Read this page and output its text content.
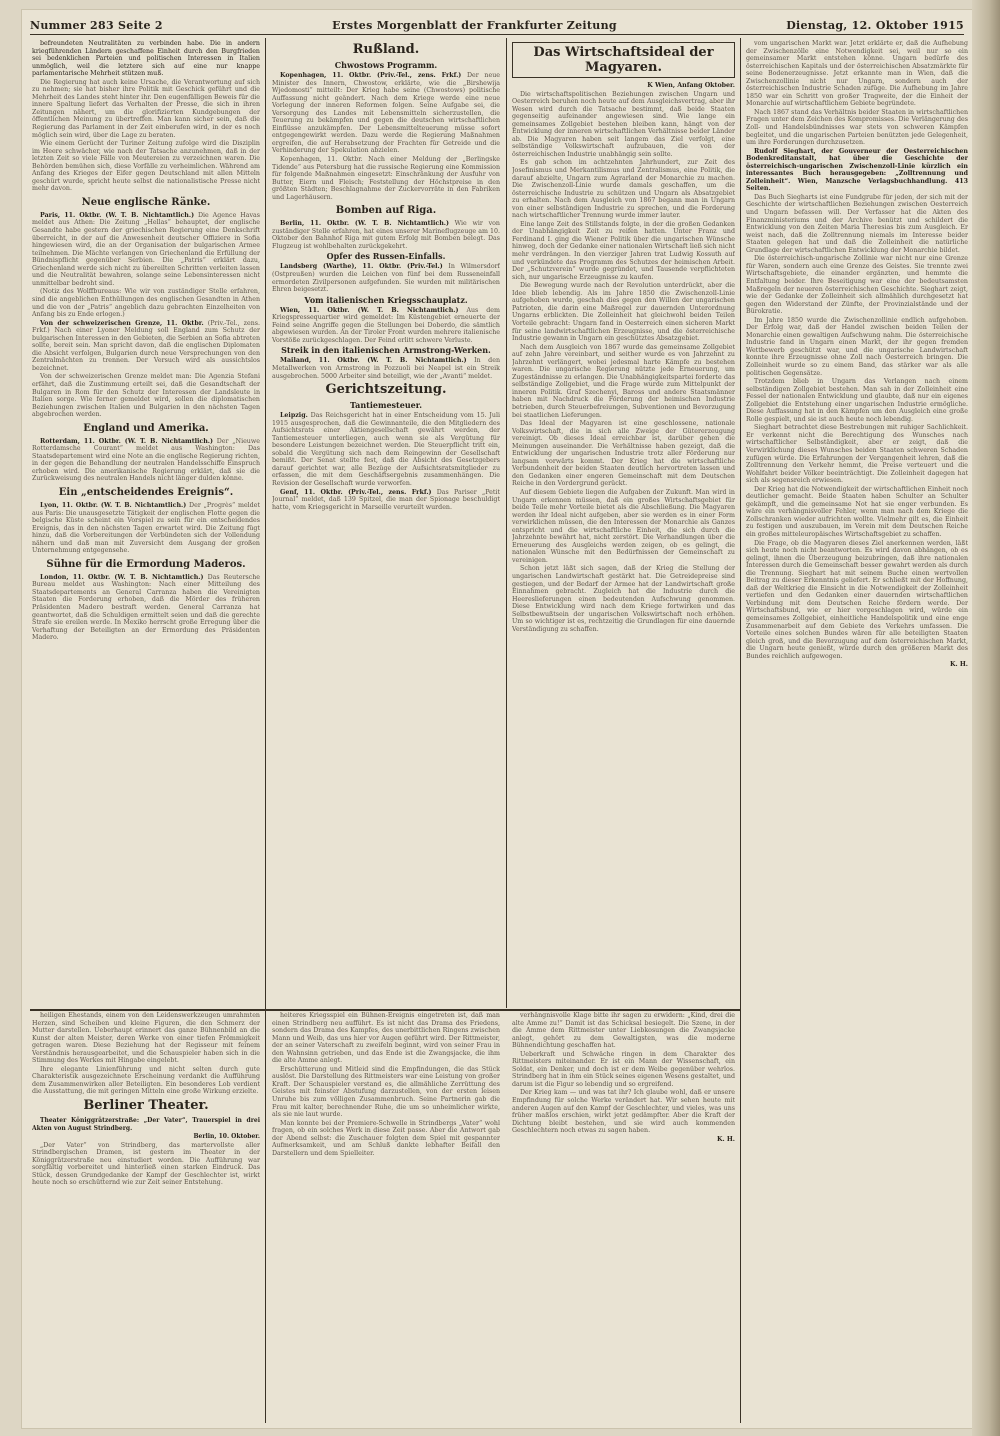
Nummer 283 Seite 2	Erstes Morgenblatt der Frankfurter Zeitung	Dienstag, 12. Oktober 1915

befreundeten Neutralitäten zu verbinden habe. Die in andern kriegführenden Ländern geschaffene Einheit durch den Burgfrieden sei bedenklichen Parteien und politischen Interessen in Italien unmöglich, weil die letztere sich auf eine nur knappe parlamentarische Mehrheit stützen muß.

Die Regierung hat auch keine Ursache, die Verantwortung auf sich zu nehmen; sie hat bisher ihre Politik mit Geschick geführt und die Mehrheit des Landes steht hinter ihr. Den eugenfälligen Beweis für die innere Spaltung liefert das Verhalten der Presse, die sich in ihren Zeitungen nähert, um die glorifizierten Kundgebungen der öffentlichen Meinung zu übertreffen. Man kann sicher sein, daß die Regierung das Parlament in der Zeit einberufen wird, in der es noch möglich sein wird, über die Lage zu beraten.

Wie einem Gerücht der Turiner Zeitung zufolge wird die Disziplin im Heere schwächer, wie nach der Tatsache anzunehmen, daß in der letzten Zeit so viele Fälle von Meutereien zu verzeichnen waren. Die Behörden bemühen sich, diese Vorfälle zu verheimlichen. Während am Anfang des Krieges der Eifer gegen Deutschland mit allen Mitteln geschürt wurde, spricht heute selbst die nationalistische Presse nicht mehr davon.

Neue englische Ränke.

Paris, 11. Oktbr. (W. T. B. Nichtamtlich.) Die Agence Havas meldet aus Athen: Die Zeitung „Hellas“ behauptet, der englische Gesandte habe gestern der griechischen Regierung eine Denkschrift überreicht, in der auf die Anwesenheit deutscher Offiziere in Sofia hingewiesen wird, die an der Organisation der bulgarischen Armee teilnehmen. Die Mächte verlangen von Griechenland die Erfüllung der Bündnispflicht gegenüber Serbien. Die „Patris“ erklärt dazu, Griechenland werde sich nicht zu übereilten Schritten verleiten lassen und die Neutralität bewahren, solange seine Lebensinteressen nicht unmittelbar bedroht sind.

(Notiz des Wolffbureaus: Wie wir von zuständiger Stelle erfahren, sind die angeblichen Enthüllungen des englischen Gesandten in Athen und die von der „Patris“ angeblich dazu gebrachten Einzelheiten von Anfang bis zu Ende erlogen.)

Von der schweizerischen Grenze, 11. Oktbr. (Priv.-Tel., zens. Frkf.) Nach einer Lyoner Meldung soll England zum Schutz der bulgarischen Interessen in den Gebieten, die Serbien an Sofia abtreten sollte, bereit sein. Man spricht davon, daß die englischen Diplomaten die Absicht verfolgen, Bulgarien durch neue Versprechungen von den Zentralmächten zu trennen. Der Versuch wird als aussichtslos bezeichnet.

Von der schweizerischen Grenze meldet man: Die Agenzia Stefani erfährt, daß die Zustimmung erteilt sei, daß die Gesandtschaft der Bulgaren in Rom für den Schutz der Interessen der Landsleute in Italien sorge. Wie ferner gemeldet wird, sollen die diplomatischen Beziehungen zwischen Italien und Bulgarien in den nächsten Tagen abgebrochen werden.

England und Amerika.

Rotterdam, 11. Oktbr. (W. T. B. Nichtamtlich.) Der „Nieuwe Rotterdamsche Courant“ meldet aus Washington: Das Staatsdepartement wird eine Note an die englische Regierung richten, in der gegen die Behandlung der neutralen Handelsschiffe Einspruch erhoben wird. Die amerikanische Regierung erklärt, daß sie die Zurückweisung des neutralen Handels nicht länger dulden könne.

Ein „entscheidendes Ereignis“.

Lyon, 11. Oktbr. (W. T. B. Nichtamtlich.) Der „Progrès“ meldet aus Paris: Die unausgesetzte Tätigkeit der englischen Flotte gegen die belgische Küste scheint ein Vorspiel zu sein für ein entscheidendes Ereignis, das in den nächsten Tagen erwartet wird. Die Zeitung fügt hinzu, daß die Vorbereitungen der Verbündeten sich der Vollendung nähern und daß man mit Zuversicht dem Ausgang der großen Unternehmung entgegensehe.

Sühne für die Ermordung Maderos.

London, 11. Oktbr. (W. T. B. Nichtamtlich.) Das Reutersche Bureau meldet aus Washington: Nach einer Mitteilung des Staatsdepartements an General Carranza haben die Vereinigten Staaten die Forderung erhoben, daß die Mörder des früheren Präsidenten Madero bestraft werden. General Carranza hat geantwortet, daß die Schuldigen ermittelt seien und daß die gerechte Strafe sie ereilen werde. In Mexiko herrscht große Erregung über die Verhaftung der Beteiligten an der Ermordung des Präsidenten Madero.

Rußland.
Chwostows Programm.

Kopenhagen, 11. Oktbr. (Priv.-Tel., zens. Frkf.) Der neue Minister des Innern, Chwostow, erklärte, wie die „Birshewija Wjedomosti“ mitteilt: Der Krieg habe seine (Chwostows) politische Auffassung nicht geändert. Nach dem Kriege werde eine neue Vorlegung der inneren Reformen folgen. Seine Aufgabe sei, die Versorgung des Landes mit Lebensmitteln sicherzustellen, die Teuerung zu bekämpfen und gegen die deutschen wirtschaftlichen Einflüsse anzukämpfen. Der Lebensmittelteuerung müsse sofort entgegengewirkt werden. Dazu werde die Regierung Maßnahmen ergreifen, die auf Herabsetzung der Frachten für Getreide und die Verhinderung der Spekulation abzielen.

Kopenhagen, 11. Oktbr. Nach einer Meldung der „Berlingske Tidende“ aus Petersburg hat die russische Regierung eine Kommission für folgende Maßnahmen eingesetzt: Einschränkung der Ausfuhr von Butter, Eiern und Fleisch; Feststellung der Höchstpreise in den größten Städten; Beschlagnahme der Zuckervorräte in den Fabriken und Lagerhäusern.

Bomben auf Riga.

Berlin, 11. Oktbr. (W. T. B. Nichtamtlich.) Wie wir von zuständiger Stelle erfahren, hat eines unserer Marineflugzeuge am 10. Oktober den Bahnhof Riga mit gutem Erfolg mit Bomben belegt. Das Flugzeug ist wohlbehalten zurückgekehrt.

Opfer des Russen-Einfalls.

Landsberg (Warthe), 11. Oktbr. (Priv.-Tel.) In Wilmersdorf (Ostpreußen) wurden die Leichen von fünf bei dem Russeneinfall ermordeten Zivilpersonen aufgefunden. Sie wurden mit militärischen Ehren beigesetzt.

Vom italienischen Kriegsschauplatz.

Wien, 11. Oktbr. (W. T. B. Nichtamtlich.) Aus dem Kriegspressequartier wird gemeldet: Im Küstengebiet erneuerte der Feind seine Angriffe gegen die Stellungen bei Doberdo, die sämtlich abgewiesen wurden. An der Tiroler Front wurden mehrere italienische Vorstöße zurückgeschlagen. Der Feind erlitt schwere Verluste.

Streik in den italienischen Armstrong-Werken.

Mailand, 11. Oktbr. (W. T. B. Nichtamtlich.) In den Metallwerken von Armstrong in Pozzuoli bei Neapel ist ein Streik ausgebrochen. 5000 Arbeiter sind beteiligt, wie der „Avanti“ meldet.

Gerichtszeitung.
Tantiemesteuer.

Leipzig. Das Reichsgericht hat in einer Entscheidung vom 15. Juli 1915 ausgesprochen, daß die Gewinnanteile, die den Mitgliedern des Aufsichtsrats einer Aktiengesellschaft gewährt werden, der Tantiemesteuer unterliegen, auch wenn sie als Vergütung für besondere Leistungen bezeichnet werden. Die Steuerpflicht tritt ein, sobald die Vergütung sich nach dem Reingewinn der Gesellschaft bemißt. Der Senat stellte fest, daß die Absicht des Gesetzgebers darauf gerichtet war, alle Bezüge der Aufsichtsratsmitglieder zu erfassen, die mit dem Geschäftsergebnis zusammenhängen. Die Revision der Gesellschaft wurde verworfen.

Genf, 11. Oktbr. (Priv.-Tel., zens. Frkf.) Das Pariser „Petit Journal“ meldet, daß 139 Spitzel, die man der Spionage beschuldigt hatte, vom Kriegsgericht in Marseille verurteilt wurden.

Das Wirtschaftsideal der Magyaren.

K Wien, Anfang Oktober.

Die wirtschaftspolitischen Beziehungen zwischen Ungarn und Oesterreich beruhen noch heute auf dem Ausgleichsvertrag, aber ihr Wesen wird durch die Tatsache bestimmt, daß beide Staaten gegenseitig aufeinander angewiesen sind. Wie lange ein gemeinsames Zollgebiet bestehen bleiben kann, hängt von der Entwicklung der inneren wirtschaftlichen Verhältnisse beider Länder ab. Die Magyaren haben seit langem das Ziel verfolgt, eine selbständige Volkswirtschaft aufzubauen, die von der österreichischen Industrie unabhängig sein sollte.

Es gab schon im achtzehnten Jahrhundert, zur Zeit des Josefinismus und Merkantilismus und Zentralismus, eine Politik, die darauf abzielte, Ungarn zum Agrarland der Monarchie zu machen. Die Zwischenzoll-Linie wurde damals geschaffen, um die österreichische Industrie zu schützen und Ungarn als Absatzgebiet zu erhalten. Nach dem Ausgleich von 1867 begann man in Ungarn von einer selbständigen Industrie zu sprechen, und die Forderung nach wirtschaftlicher Trennung wurde immer lauter.

Eine lange Zeit des Stillstands folgte, in der die großen Gedanken der Unabhängigkeit Zeit zu reifen hatten. Unter Franz und Ferdinand I. ging die Wiener Politik über die ungarischen Wünsche hinweg, doch der Gedanke einer nationalen Wirtschaft ließ sich nicht mehr verdrängen. In den vierziger Jahren trat Ludwig Kossuth auf und verkündete das Programm des Schutzes der heimischen Arbeit. Der „Schutzverein“ wurde gegründet, und Tausende verpflichteten sich, nur ungarische Erzeugnisse zu kaufen.

Die Bewegung wurde nach der Revolution unterdrückt, aber die Idee blieb lebendig. Als im Jahre 1850 die Zwischenzoll-Linie aufgehoben wurde, geschah dies gegen den Willen der ungarischen Patrioten, die darin eine Maßregel zur dauernden Unterordnung Ungarns erblickten. Die Zolleinheit hat gleichwohl beiden Teilen Vorteile gebracht: Ungarn fand in Oesterreich einen sicheren Markt für seine landwirtschaftlichen Erzeugnisse, und die österreichische Industrie gewann in Ungarn ein geschütztes Absatzgebiet.

Nach dem Ausgleich von 1867 wurde das gemeinsame Zollgebiet auf zehn Jahre vereinbart, und seither wurde es von Jahrzehnt zu Jahrzehnt verlängert, wobei jedesmal harte Kämpfe zu bestehen waren. Die ungarische Regierung nützte jede Erneuerung, um Zugeständnisse zu erlangen. Die Unabhängigkeitspartei forderte das selbständige Zollgebiet, und die Frage wurde zum Mittelpunkt der inneren Politik. Graf Szechenyi, Baross und andere Staatsmänner haben mit Nachdruck die Förderung der heimischen Industrie betrieben, durch Steuerbefreiungen, Subventionen und Bevorzugung bei staatlichen Lieferungen.

Das Ideal der Magyaren ist eine geschlossene, nationale Volkswirtschaft, die in sich alle Zweige der Gütererzeugung vereinigt. Ob dieses Ideal erreichbar ist, darüber gehen die Meinungen auseinander. Die Verhältnisse haben gezeigt, daß die Entwicklung der ungarischen Industrie trotz aller Förderung nur langsam vorwärts kommt. Der Krieg hat die wirtschaftliche Verbundenheit der beiden Staaten deutlich hervortreten lassen und den Gedanken einer engeren Gemeinschaft mit dem Deutschen Reiche in den Vordergrund gerückt.

Auf diesem Gebiete liegen die Aufgaben der Zukunft. Man wird in Ungarn erkennen müssen, daß ein großes Wirtschaftsgebiet für beide Teile mehr Vorteile bietet als die Abschließung. Die Magyaren werden ihr Ideal nicht aufgeben, aber sie werden es in einer Form verwirklichen müssen, die den Interessen der Monarchie als Ganzes entspricht und die wirtschaftliche Einheit, die sich durch die Jahrzehnte bewährt hat, nicht zerstört. Die Verhandlungen über die Erneuerung des Ausgleichs werden zeigen, ob es gelingt, die nationalen Wünsche mit den Bedürfnissen der Gemeinschaft zu vereinigen.

Schon jetzt läßt sich sagen, daß der Krieg die Stellung der ungarischen Landwirtschaft gestärkt hat. Die Getreidepreise sind gestiegen, und der Bedarf der Armee hat der Landwirtschaft große Einnahmen gebracht. Zugleich hat die Industrie durch die Heereslieferungen einen bedeutenden Aufschwung genommen. Diese Entwicklung wird nach dem Kriege fortwirken und das Selbstbewußtsein der ungarischen Volkswirtschaft noch erhöhen. Um so wichtiger ist es, rechtzeitig die Grundlagen für eine dauernde Verständigung zu schaffen.

vom ungarischen Markt war. Jetzt erklärte er, daß die Aufhebung der Zwischenzölle eine Notwendigkeit sei, weil nur so ein gemeinsamer Markt entstehen könne. Ungarn bedürfe des österreichischen Kapitals und der österreichischen Absatzmärkte für seine Bodenerzeugnisse. Jetzt erkannte man in Wien, daß die Zwischenzollinie nicht nur Ungarn, sondern auch der österreichischen Industrie Schaden zufüge. Die Aufhebung im Jahre 1850 war ein Schritt von großer Tragweite, der die Einheit der Monarchie auf wirtschaftlichem Gebiete begründete.

Nach 1867 stand das Verhältnis beider Staaten in wirtschaftlichen Fragen unter dem Zeichen des Kompromisses. Die Verlängerung des Zoll- und Handelsbündnisses war stets von schweren Kämpfen begleitet, und die ungarischen Parteien benützten jede Gelegenheit, um ihre Forderungen durchzusetzen.

Rudolf Sieghart, der Gouverneur der Oesterreichischen Bodenkreditanstalt, hat über die Geschichte der österreichisch-ungarischen Zwischenzoll-Linie kürzlich ein interessantes Buch herausgegeben: „Zolltrennung und Zolleinheit“. Wien, Manzsche Verlagsbuchhandlung. 413 Seiten.

Das Buch Siegharts ist eine Fundgrube für jeden, der sich mit der Geschichte der wirtschaftlichen Beziehungen zwischen Oesterreich und Ungarn befassen will. Der Verfasser hat die Akten des Finanzministeriums und der Archive benützt und schildert die Entwicklung von den Zeiten Maria Theresias bis zum Ausgleich. Er weist nach, daß die Zolltrennung niemals im Interesse beider Staaten gelegen hat und daß die Zolleinheit die natürliche Grundlage der wirtschaftlichen Entwicklung der Monarchie bildet.

Die österreichisch-ungarische Zollinie war nicht nur eine Grenze für Waren, sondern auch eine Grenze des Geistes. Sie trennte zwei Wirtschaftsgebiete, die einander ergänzten, und hemmte die Entfaltung beider. Ihre Beseitigung war eine der bedeutsamsten Maßregeln der neueren österreichischen Geschichte. Sieghart zeigt, wie der Gedanke der Zolleinheit sich allmählich durchgesetzt hat gegen den Widerstand der Zünfte, der Provinzialstände und der Bürokratie.

Im Jahre 1850 wurde die Zwischenzollinie endlich aufgehoben. Der Erfolg war, daß der Handel zwischen beiden Teilen der Monarchie einen gewaltigen Aufschwung nahm. Die österreichische Industrie fand in Ungarn einen Markt, der ihr gegen fremden Wettbewerb geschützt war, und die ungarische Landwirtschaft konnte ihre Erzeugnisse ohne Zoll nach Oesterreich bringen. Die Zolleinheit wurde so zu einem Band, das stärker war als alle politischen Gegensätze.

Trotzdem blieb in Ungarn das Verlangen nach einem selbständigen Zollgebiet bestehen. Man sah in der Zolleinheit eine Fessel der nationalen Entwicklung und glaubte, daß nur ein eigenes Zollgebiet die Entstehung einer ungarischen Industrie ermögliche. Diese Auffassung hat in den Kämpfen um den Ausgleich eine große Rolle gespielt, und sie ist auch heute noch lebendig.

Sieghart betrachtet diese Bestrebungen mit ruhiger Sachlichkeit. Er verkennt nicht die Berechtigung des Wunsches nach wirtschaftlicher Selbständigkeit, aber er zeigt, daß die Verwirklichung dieses Wunsches beiden Staaten schweren Schaden zufügen würde. Die Erfahrungen der Vergangenheit lehren, daß die Zolltrennung den Verkehr hemmt, die Preise verteuert und die Wohlfahrt beider Völker beeinträchtigt. Die Zolleinheit dagegen hat sich als segensreich erwiesen.

Der Krieg hat die Notwendigkeit der wirtschaftlichen Einheit noch deutlicher gemacht. Beide Staaten haben Schulter an Schulter gekämpft, und die gemeinsame Not hat sie enger verbunden. Es wäre ein verhängnisvoller Fehler, wenn man nach dem Kriege die Zollschranken wieder aufrichten wollte. Vielmehr gilt es, die Einheit zu festigen und auszubauen, im Verein mit dem Deutschen Reiche ein großes mitteleuropäisches Wirtschaftsgebiet zu schaffen.

Die Frage, ob die Magyaren dieses Ziel anerkennen werden, läßt sich heute noch nicht beantworten. Es wird davon abhängen, ob es gelingt, ihnen die Überzeugung beizubringen, daß ihre nationalen Interessen durch die Gemeinschaft besser gewahrt werden als durch die Trennung. Sieghart hat mit seinem Buche einen wertvollen Beitrag zu dieser Erkenntnis geliefert. Er schließt mit der Hoffnung, daß der Weltkrieg die Einsicht in die Notwendigkeit der Zolleinheit vertiefen und den Gedanken einer dauernden wirtschaftlichen Verbindung mit dem Deutschen Reiche fördern werde. Der Wirtschaftsbund, wie er hier vorgeschlagen wird, würde ein gemeinsames Zollgebiet, einheitliche Handelspolitik und eine enge Zusammenarbeit auf dem Gebiete des Verkehrs umfassen. Die Vorteile eines solchen Bundes wären für alle beteiligten Staaten gleich groß, und die Bevorzugung auf dem österreichischen Markt, die Ungarn heute genießt, würde durch den größeren Markt des Bundes reichlich aufgewogen.

K. H.

heiligen Ehestands, einem von den Leidenswerkzeugen umrahmten Herzen, sind Scheiben und kleine Figuren, die den Schmerz der Mutter darstellen. Ueberhaupt erinnert das ganze Bühnenbild an die Kunst der alten Meister, deren Werke von einer tiefen Frömmigkeit getragen waren. Diese Beziehung hat der Regisseur mit feinem Verständnis herausgearbeitet, und die Schauspieler haben sich in die Stimmung des Werkes mit Hingabe eingelebt.

Ihre elegante Linienführung und nicht selten durch gute Charakteristik ausgezeichnete Erscheinung verdankt die Aufführung dem Zusammenwirken aller Beteiligten. Ein besonderes Lob verdient die Ausstattung, die mit geringen Mitteln eine große Wirkung erzielte.

Berliner Theater.

Theater Königgrätzerstraße: „Der Vater“, Trauerspiel in drei Akten von August Strindberg.

Berlin, 10. Oktober.

„Der Vater“ von Strindberg, das martervollste aller Strindbergischen Dramen, ist gestern im Theater in der Königgrätzerstraße neu einstudiert worden. Die Aufführung war sorgfältig vorbereitet und hinterließ einen starken Eindruck. Das Stück, dessen Grundgedanke der Kampf der Geschlechter ist, wirkt heute noch so erschütternd wie zur Zeit seiner Entstehung.

heiteres Kriegsspiel ein Bühnen-Ereignis eingetreten ist, daß man einen Strindberg neu aufführt. Es ist nicht das Drama des Friedens, sondern das Drama des Kampfes, des unerbittlichen Ringens zwischen Mann und Weib, das uns hier vor Augen geführt wird. Der Rittmeister, der an seiner Vaterschaft zu zweifeln beginnt, wird von seiner Frau in den Wahnsinn getrieben, und das Ende ist die Zwangsjacke, die ihm die alte Amme anlegt.

Erschütterung und Mitleid sind die Empfindungen, die das Stück auslöst. Die Darstellung des Rittmeisters war eine Leistung von großer Kraft. Der Schauspieler verstand es, die allmähliche Zerrüttung des Geistes mit feinster Abstufung darzustellen, von der ersten leisen Unruhe bis zum völligen Zusammenbruch. Seine Partnerin gab die Frau mit kalter, berechnender Ruhe, die um so unheimlicher wirkte, als sie nie laut wurde.

Man konnte bei der Premiere-Schwelle in Strindbergs „Vater“ wohl fragen, ob ein solches Werk in diese Zeit passe. Aber die Antwort gab der Abend selbst: die Zuschauer folgten dem Spiel mit gespannter Aufmerksamkeit, und am Schluß dankte lebhafter Beifall den Darstellern und dem Spielleiter.

verhängnisvolle Klage bitte ihr sagen zu erwidern: „Kind, drei die alte Amme zu!“ Damit ist das Schicksal besiegelt. Die Szene, in der die Amme dem Rittmeister unter Liebkosungen die Zwangsjacke anlegt, gehört zu dem Gewaltigsten, was die moderne Bühnendichtung geschaffen hat.

Ueberkraft und Schwäche ringen in dem Charakter des Rittmeisters miteinander. Er ist ein Mann der Wissenschaft, ein Soldat, ein Denker, und doch ist er dem Weibe gegenüber wehrlos. Strindberg hat in ihm ein Stück seines eigenen Wesens gestaltet, und darum ist die Figur so lebendig und so ergreifend.

Der Krieg kam — und was tat ihr? Ich glaube wohl, daß er unsere Empfindung für solche Werke verändert hat. Wir sehen heute mit anderen Augen auf den Kampf der Geschlechter, und vieles, was uns früher maßlos erschien, wirkt jetzt gedämpfter. Aber die Kraft der Dichtung bleibt bestehen, und sie wird auch kommenden Geschlechtern noch etwas zu sagen haben.

K. H.
